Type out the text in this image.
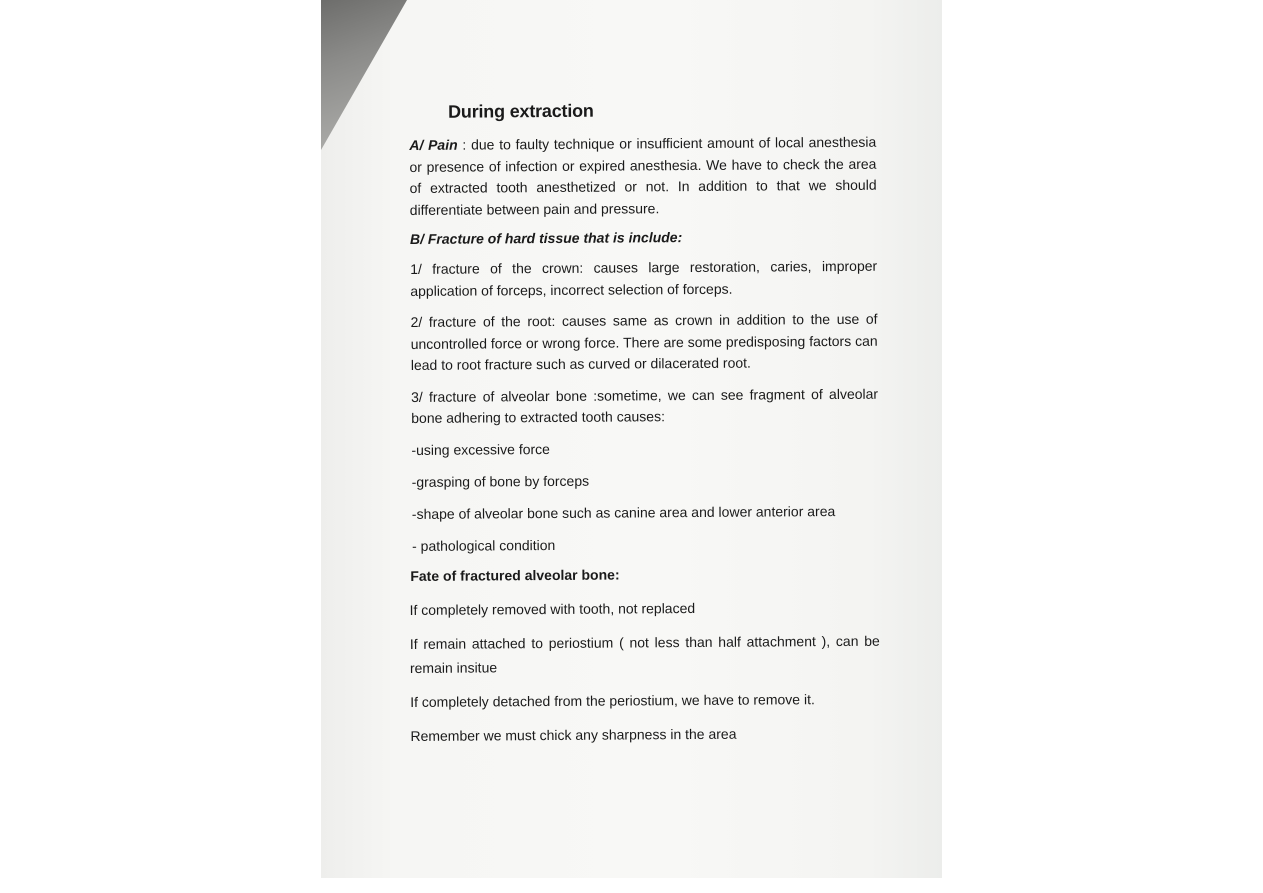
During extraction

A/ Pain : due to faulty technique or insufficient amount of local anesthesia or presence of infection or expired anesthesia. We have to check the area of extracted tooth anesthetized or not. In addition to that we should differentiate between pain and pressure.

B/ Fracture of hard tissue that is include:

1/ fracture of the crown: causes large restoration, caries, improper application of forceps, incorrect selection of forceps.

2/ fracture of the root: causes same as crown in addition to the use of uncontrolled force or wrong force. There are some predisposing factors can lead to root fracture such as curved or dilacerated root.

3/ fracture of alveolar bone :sometime, we can see fragment of alveolar bone adhering to extracted tooth causes:

-using excessive force
-grasping of bone by forceps
-shape of alveolar bone such as canine area and lower anterior area
- pathological condition
Fate of fractured alveolar bone:
If completely removed with tooth, not replaced
If remain attached to periostium ( not less than half attachment ), can be remain insitue
If completely detached from the periostium, we have to remove it.
Remember we must chick any sharpness in the area
